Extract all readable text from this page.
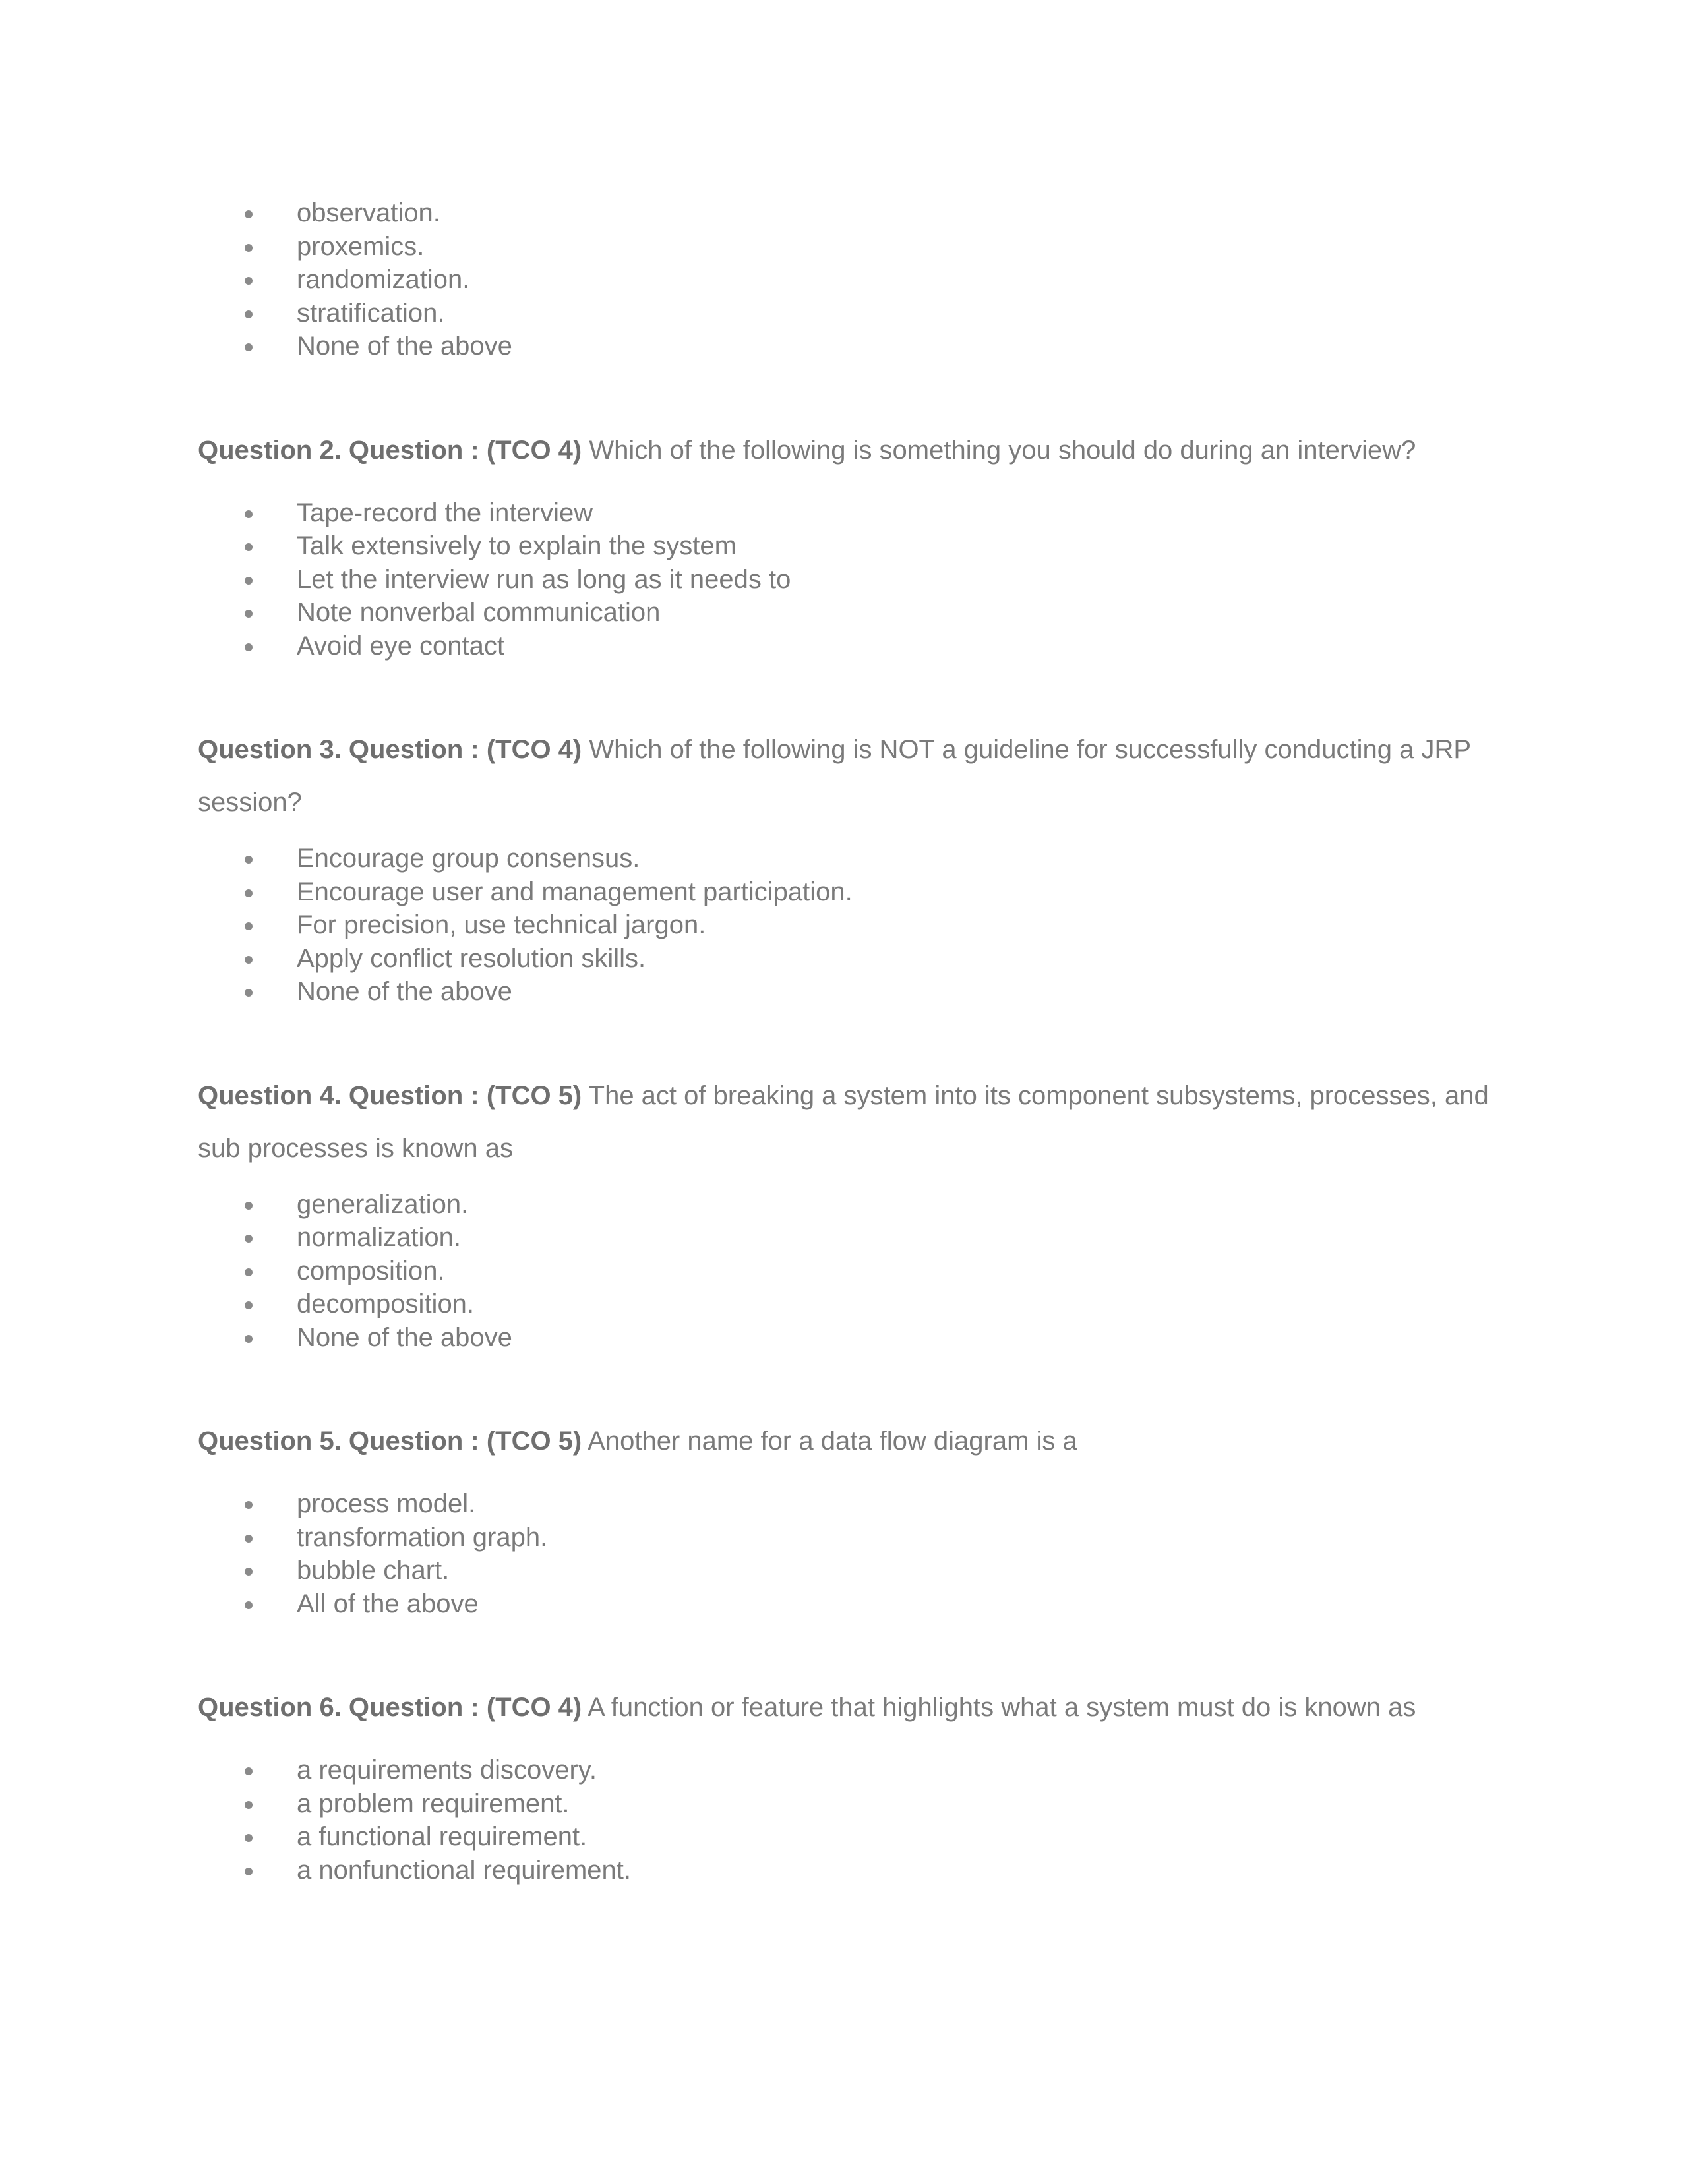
observation.
proxemics.
randomization.
stratification.
None of the above

Question 2. Question : (TCO 4) Which of the following is something you should do during an interview?

Tape-record the interview
Talk extensively to explain the system
Let the interview run as long as it needs to
Note nonverbal communication
Avoid eye contact

Question 3. Question : (TCO 4) Which of the following is NOT a guideline for successfully conducting a JRP session?

Encourage group consensus.
Encourage user and management participation.
For precision, use technical jargon.
Apply conflict resolution skills.
None of the above

Question 4. Question : (TCO 5) The act of breaking a system into its component subsystems, processes, and sub processes is known as

generalization.
normalization.
composition.
decomposition.
None of the above

Question 5. Question : (TCO 5) Another name for a data flow diagram is a

process model.
transformation graph.
bubble chart.
All of the above

Question 6. Question : (TCO 4) A function or feature that highlights what a system must do is known as

a requirements discovery.
a problem requirement.
a functional requirement.
a nonfunctional requirement.
